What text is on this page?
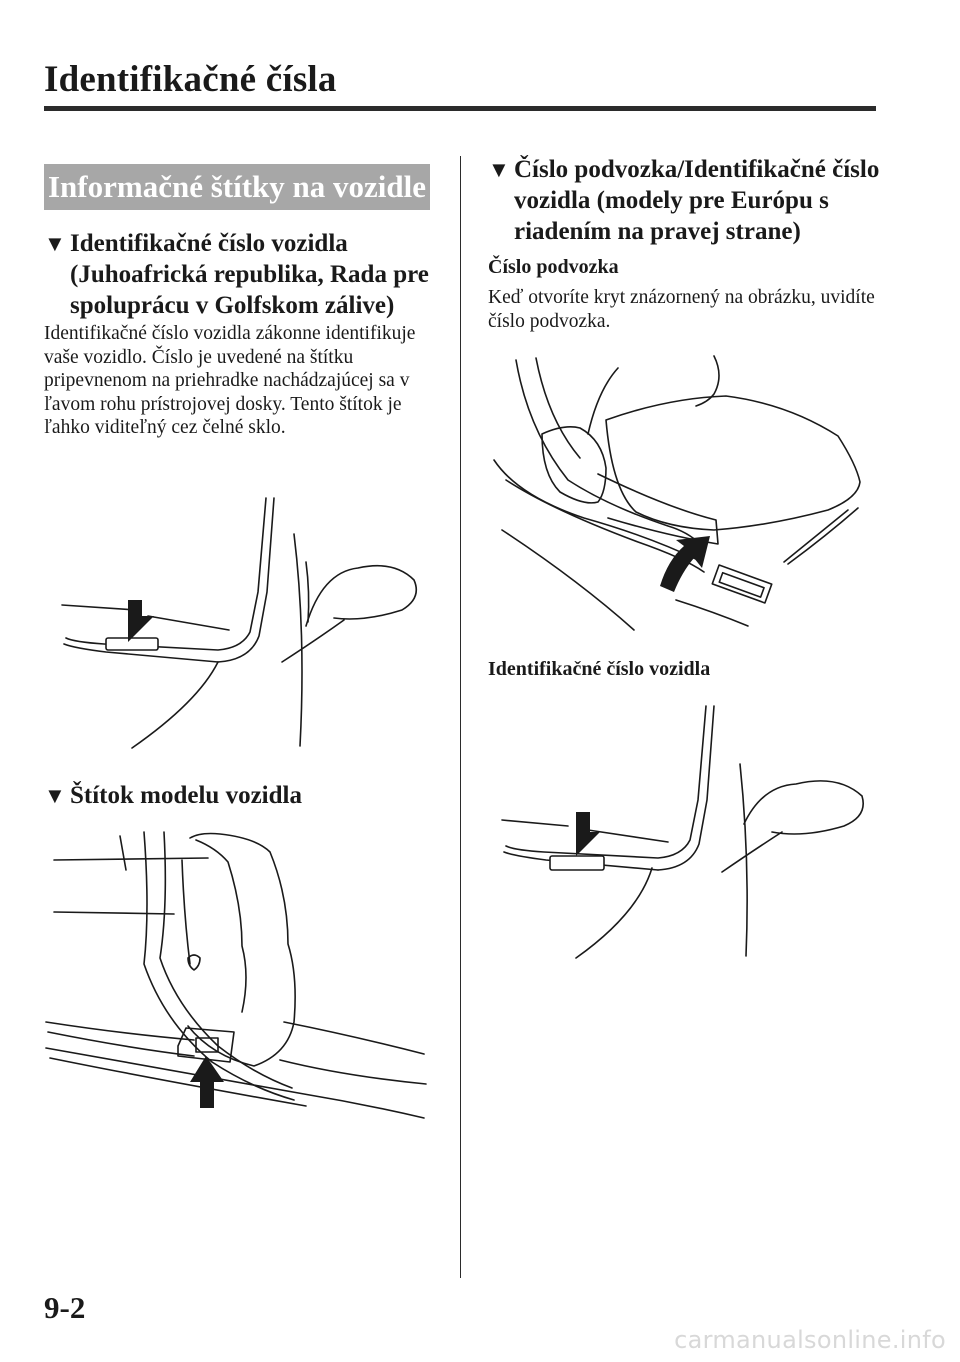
Identifikačné čísla
Informačné štítky na vozidle
▼ Identifikačné číslo vozidla (Juhoafrická republika, Rada pre spoluprácu v Golfskom zálive)

Identifikačné číslo vozidla zákonne identifikuje vaše vozidlo. Číslo je uvedené na štítku pripevnenom na priehradke nachádzajúcej sa v ľavom rohu prístrojovej dosky. Tento štítok je ľahko viditeľný cez čelné sklo.

▼ Štítok modelu vozidla
▼ Číslo podvozka/Identifikačné číslo vozidla (modely pre Európu s riadením na pravej strane)

Číslo podvozka

Keď otvoríte kryt znázornený na obrázku, uvidíte číslo podvozka.

Identifikačné číslo vozidla

9-2

carmanualsonline.info
